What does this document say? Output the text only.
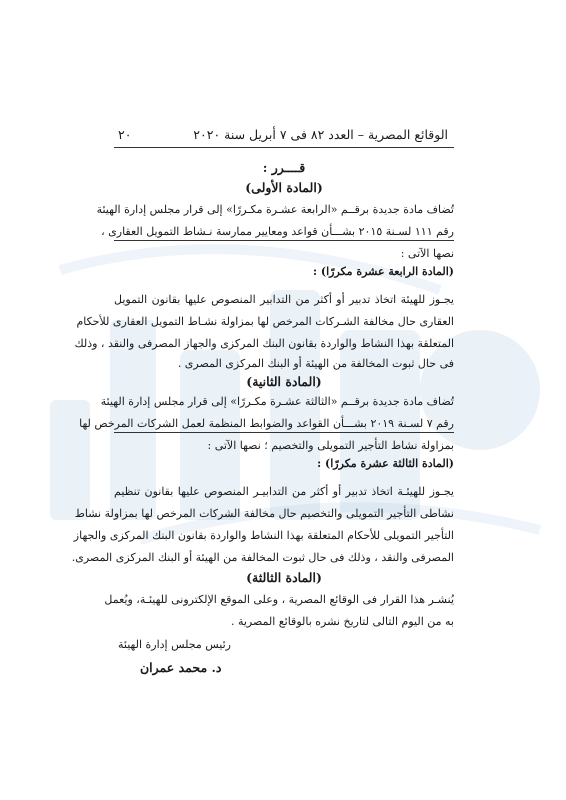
الوقائع المصرية – العدد ٨٢ فى ٧ أبريل سنة ٢٠٢٠
٢٠
قــــرر :
(المادة الأولى)
تُضاف مادة جديدة برقــم «الرابعة عشـرة مكـررًا» إلى قرار مجلس إدارة الهيئة
رقم ١١١ لسـنة ٢٠١٥ بشـــأن قواعد ومعايير ممارسة نـشاط التمويل العقارى ،
نصها الآتى :
(المادة الرابعة عشرة مكررًا) :
يجـوز للهيئة اتخاذ تدبير أو أكثر من التدابير المنصوص عليها بقانون التمويل
العقارى حال مخالفة الشـركات المرخص لها بمزاولة نشـاط التمويل العقارى للأحكام
المتعلقة بهذا النشاط والواردة بقانون البنك المركزى والجهاز المصرفى والنقد ، وذلك
فى حال ثبوت المخالفة من الهيئة أو البنك المركزى المصرى .
(المادة الثانية)
تُضاف مادة جديدة برقــم «الثالثة عشـرة مكـررًا» إلى قرار مجلس إدارة الهيئة
رقم ٧ لسـنة ٢٠١٩ بشـــأن القواعد والضوابط المنظمة لعمل الشركات المرخص لها
بمزاولة نشاط التأجير التمويلى والتخصيم ؛ نصها الآتى :
(المادة الثالثة عشرة مكررًا) :
يجـوز للهيئـة اتخاذ تدبير أو أكثر من التدابيـر المنصوص عليها بقانون تنظيم
نشاطى التأجير التمويلى والتخصيم حال مخالفة الشركات المرخص لها بمزاولة نشاط
التأجير التمويلى للأحكام المتعلقة بهذا النشاط والواردة بقانون البنك المركزى والجهاز
المصرفى والنقد ، وذلك فى حال ثبوت المخالفة من الهيئة أو البنك المركزى المصرى.
(المادة الثالثة)
يُنشـر هذا القرار فى الوقائع المصرية ، وعلى الموقع الإلكترونى للهيئـة، ويُعمل
به من اليوم التالى لتاريخ نشره بالوقائع المصرية .
رئيس مجلس إدارة الهيئة
د. محمد عمران
